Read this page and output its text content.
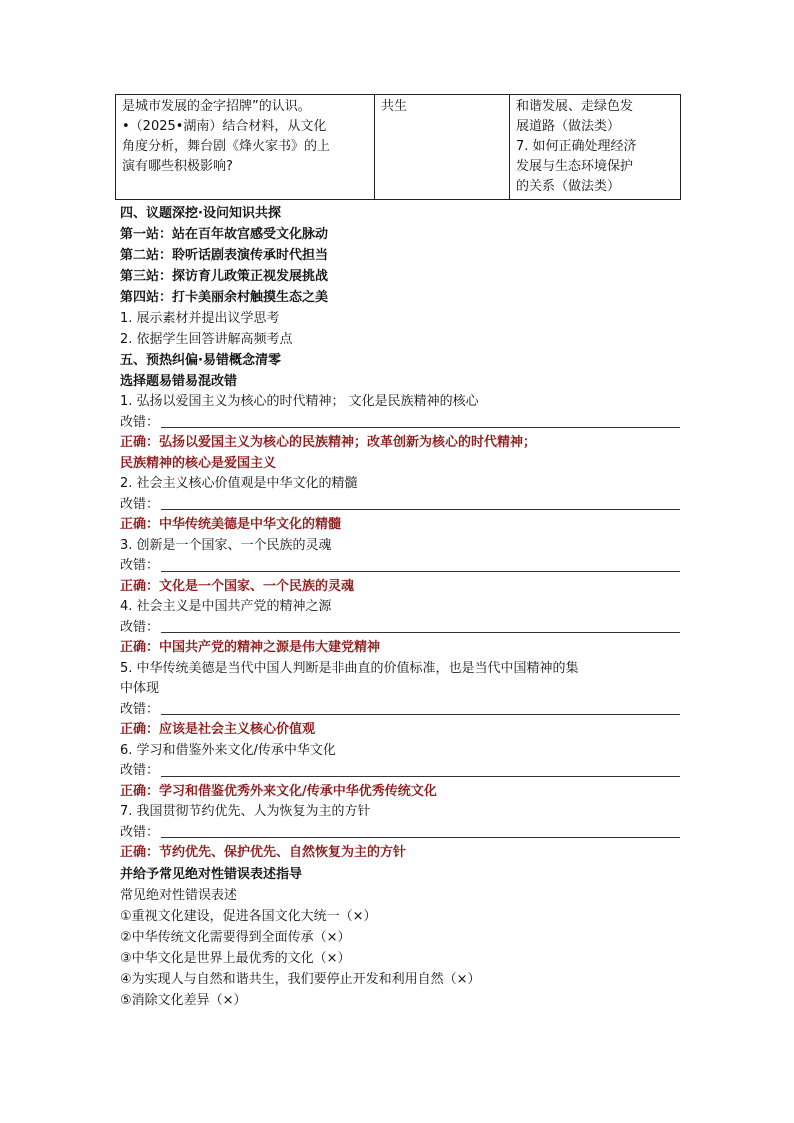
是城市发展的金字招牌”的认识。
•（2025•湖南）结合材料，从文化
角度分析，舞台剧《烽火家书》的上
演有哪些积极影响?

共生	和谐发展、走绿色发
展道路（做法类）
7. 如何正确处理经济
发展与生态环境保护
的关系（做法类）
四、议题深挖·设问知识共探
第一站：站在百年故宫感受文化脉动
第二站：聆听话剧表演传承时代担当
第三站：探访育儿政策正视发展挑战
第四站：打卡美丽余村触摸生态之美
1. 展示素材并提出议学思考
2. 依据学生回答讲解高频考点
五、预热纠偏·易错概念清零
选择题易错易混改错
1. 弘扬以爱国主义为核心的时代精神； 文化是民族精神的核心
改错：
正确：弘扬以爱国主义为核心的民族精神；改革创新为核心的时代精神；
民族精神的核心是爱国主义
2. 社会主义核心价值观是中华文化的精髓
改错：
正确：中华传统美德是中华文化的精髓
3. 创新是一个国家、一个民族的灵魂
改错：
正确：文化是一个国家、一个民族的灵魂
4. 社会主义是中国共产党的精神之源
改错：
正确：中国共产党的精神之源是伟大建党精神
5. 中华传统美德是当代中国人判断是非曲直的价值标准，也是当代中国精神的集
中体现
改错：
正确：应该是社会主义核心价值观
6. 学习和借鉴外来文化/传承中华文化
改错：
正确：学习和借鉴优秀外来文化/传承中华优秀传统文化
7. 我国贯彻节约优先、人为恢复为主的方针
改错：
正确：节约优先、保护优先、自然恢复为主的方针
并给予常见绝对性错误表述指导
常见绝对性错误表述
①重视文化建设，促进各国文化大统一（×）
②中华传统文化需要得到全面传承（×）
③中华文化是世界上最优秀的文化（×）
④为实现人与自然和谐共生，我们要停止开发和利用自然（×）
⑤消除文化差异（×）
